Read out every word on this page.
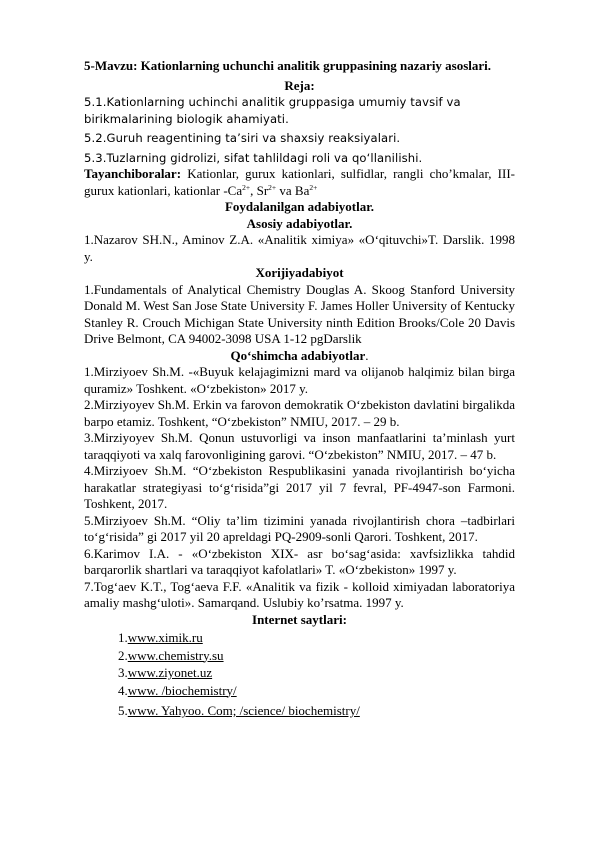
5-Mavzu: Kationlarning uchunchi analitik gruppasining nazariy asoslari.

Reja:

5.1.Kationlarning uchinchi analitik gruppasiga umumiy tavsif va birikmalarining biologik ahamiyati.

5.2.Guruh reagentining ta’siri va shaxsiy reaksiyalari.

5.3.Tuzlarning gidrolizi, sifat tahlildagi roli va qo‘llanilishi.

Tayanchiboralar: Kationlar, gurux kationlari, sulfidlar, rangli cho’kmalar, III-gurux kationlari, kationlar $-Ca^{2+}$, $Sr^{2+}$ va $Ba^{2+}$

Foydalanilgan adabiyotlar.

Asosiy adabiyotlar.

1.Nazarov SH.N., Aminov Z.A. «Analitik ximiya» «O‘qituvchi»T. Darslik. 1998 y.

Xorijiyadabiyot

1.Fundamentals of Analytical Chemistry Douglas A. Skoog Stanford University Donald M. West San Jose State University F. James Holler University of Kentucky Stanley R. Crouch Michigan State University ninth Edition Brooks/Cole 20 Davis Drive Belmont, CA 94002-3098 USA 1-12 pgDarslik

Qo‘shimcha adabiyotlar.

1.Mirziyoev Sh.M. -«Buyuk kelajagimizni mard va olijanob halqimiz bilan birga quramiz» Toshkent. «O‘zbekiston» 2017 y.

2.Mirziyoyev Sh.M. Erkin va farovon demokratik O‘zbekiston davlatini birgalikda barpo etamiz. Toshkent, “O‘zbekiston” NMIU, 2017. – 29 b.

3.Mirziyoyev Sh.M. Qonun ustuvorligi va inson manfaatlarini ta’minlash yurt taraqqiyoti va xalq farovonligining garovi. “O‘zbekiston” NMIU, 2017. – 47 b.

4.Mirziyoev Sh.M. “O‘zbekiston Respublikasini yanada rivojlantirish bo‘yicha harakatlar strategiyasi to‘g‘risida”gi 2017 yil 7 fevral, PF-4947-son Farmoni. Toshkent, 2017.

5.Mirziyoev Sh.M. “Oliy ta’lim tizimini yanada rivojlantirish chora –tadbirlari to‘g‘risida” gi 2017 yil 20 apreldagi PQ-2909-sonli Qarori. Toshkent, 2017.

6.Karimov I.A. - «O‘zbekiston XIX- asr bo‘sag‘asida: xavfsizlikka tahdid barqarorlik shartlari va taraqqiyot kafolatlari» T. «O‘zbekiston» 1997 y.

7.Tog‘aev K.T., Tog‘aeva F.F. «Analitik va fizik - kolloid ximiyadan laboratoriya amaliy mashg‘uloti». Samarqand. Uslubiy ko’rsatma. 1997 y.

Internet saytlari:

1.www.ximik.ru
2.www.chemistry.su
3.www.ziyonet.uz
4.www. /biochemistry/
5.www. Yahyoo. Com; /science/ biochemistry/
